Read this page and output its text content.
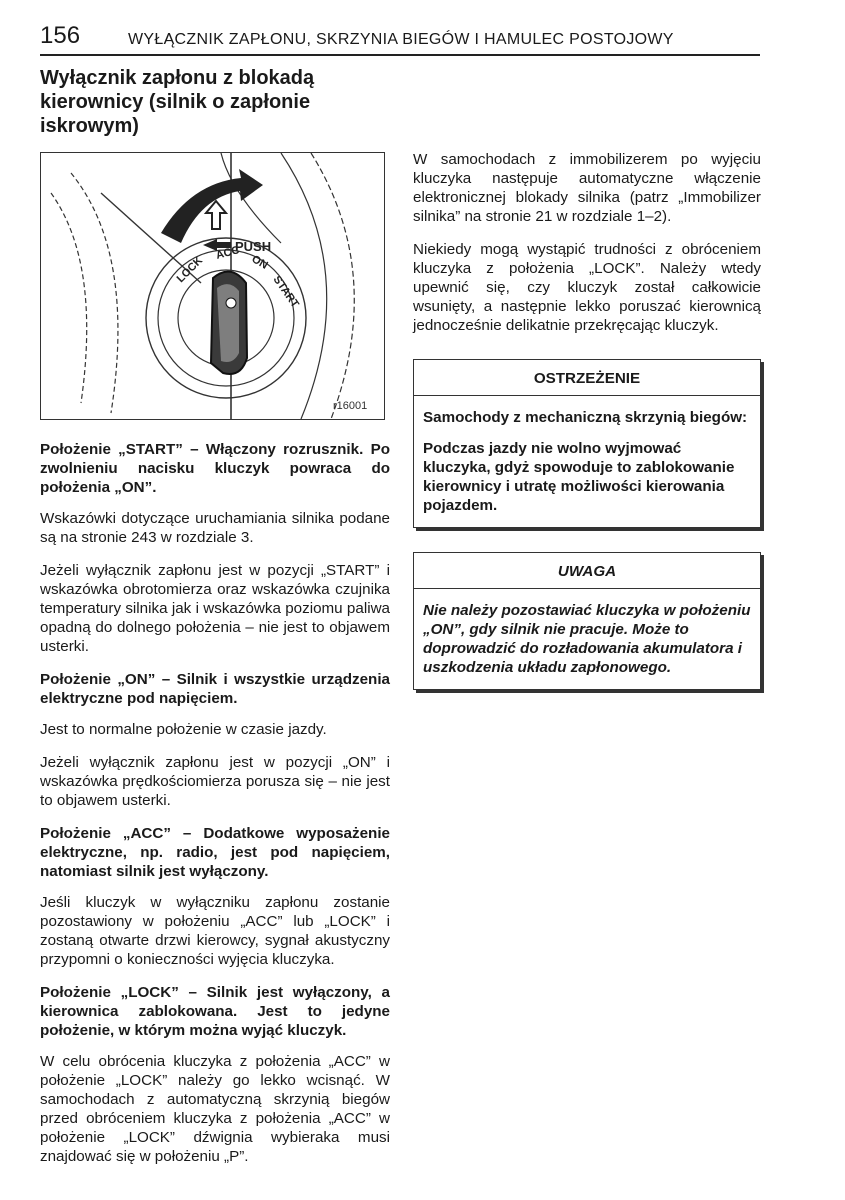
156	WYŁĄCZNIK ZAPŁONU, SKRZYNIA BIEGÓW I HAMULEC POSTOJOWY
Wyłącznik zapłonu z blokadą kierownicy (silnik o zapłonie iskrowym)
PUSH
LOCK
ACC
ON
START
r16001

Położenie „START” – Włączony rozrusznik. Po zwolnieniu nacisku kluczyk powraca do położenia „ON”.

Wskazówki dotyczące uruchamiania silnika podane są na stronie 243 w rozdziale 3.

Jeżeli wyłącznik zapłonu jest w pozycji „START” i wskazówka obrotomierza oraz wskazówka czujnika temperatury silnika jak i wskazówka poziomu paliwa opadną do dolnego położenia – nie jest to objawem usterki.

Położenie „ON” – Silnik i wszystkie urządzenia elektryczne pod napięciem.

Jest to normalne położenie w czasie jazdy.

Jeżeli wyłącznik zapłonu jest w pozycji „ON” i wskazówka prędkościomierza porusza się – nie jest to objawem usterki.

Położenie „ACC” – Dodatkowe wyposażenie elektryczne, np. radio, jest pod napięciem, natomiast silnik jest wyłączony.

Jeśli kluczyk w wyłączniku zapłonu zostanie pozostawiony w położeniu „ACC” lub „LOCK” i zostaną otwarte drzwi kierowcy, sygnał akustyczny przypomni o konieczności wyjęcia kluczyka.

Położenie „LOCK” – Silnik jest wyłączony, a kierownica zablokowana. Jest to jedyne położenie, w którym można wyjąć kluczyk.

W celu obrócenia kluczyka z położenia „ACC” w położenie „LOCK” należy go lekko wcisnąć. W samochodach z automatyczną skrzynią biegów przed obróceniem kluczyka z położenia „ACC” w położenie „LOCK” dźwignia wybieraka musi znajdować się w położeniu „P”.

W samochodach z immobilizerem po wyjęciu kluczyka następuje automatyczne włączenie elektronicznej blokady silnika (patrz „Immobilizer silnika” na stronie 21 w rozdziale 1–2).

Niekiedy mogą wystąpić trudności z obróceniem kluczyka z położenia „LOCK”. Należy wtedy upewnić się, czy kluczyk został całkowicie wsunięty, a następnie lekko poruszać kierownicą jednocześnie delikatnie przekręcając kluczyk.

OSTRZEŻENIE

Samochody z mechaniczną skrzynią biegów:

Podczas jazdy nie wolno wyjmować kluczyka, gdyż spowoduje to zablokowanie kierownicy i utratę możliwości kierowania pojazdem.

UWAGA

Nie należy pozostawiać kluczyka w położeniu „ON”, gdy silnik nie pracuje. Może to doprowadzić do rozładowania akumulatora i uszkodzenia układu zapłonowego.
